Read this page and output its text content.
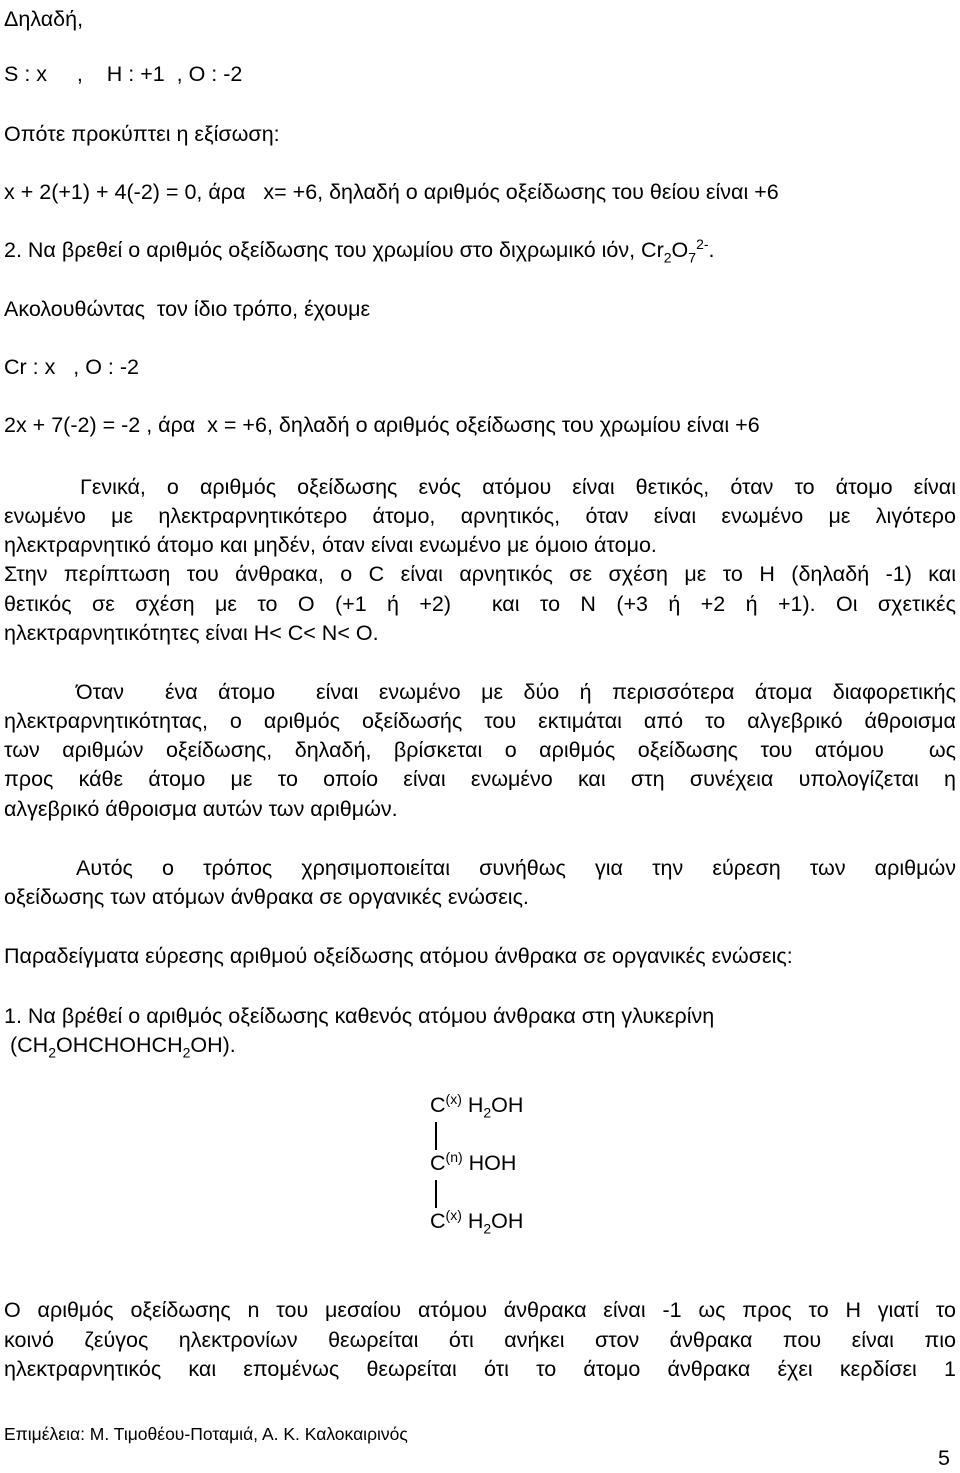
Δηλαδή,
S : x     ,    H : +1  , O : -2
Οπότε προκύπτει η εξίσωση:
x + 2(+1) + 4(-2) = 0, άρα   x= +6, δηλαδή ο αριθμός οξείδωσης του θείου είναι +6
2. Να βρεθεί ο αριθμός οξείδωσης του χρωμίου στο διχρωμικό ιόν, $Cr_2O_7^{2-}$.
Ακολουθώντας  τον ίδιο τρόπο, έχουμε
Cr : x   , O : -2
2x + 7(-2) = -2 , άρα  x = +6, δηλαδή ο αριθμός οξείδωσης του χρωμίου είναι +6
Γενικά, ο αριθμός οξείδωσης ενός ατόμου είναι θετικός, όταν το άτομο είναι
ενωμένο με ηλεκτραρνητικότερο άτομο, αρνητικός, όταν είναι ενωμένο με λιγότερο
ηλεκτραρνητικό άτομο και μηδέν, όταν είναι ενωμένο με όμοιο άτομο.
Στην περίπτωση του άνθρακα, ο C είναι αρνητικός σε σχέση με το H (δηλαδή -1) και
θετικός σε σχέση με το O (+1 ή +2)  και το N (+3 ή +2 ή +1). Οι σχετικές
ηλεκτραρνητικότητες είναι H< C< N< O.
Όταν  ένα άτομο  είναι ενωμένο με δύο ή περισσότερα άτομα διαφορετικής
ηλεκτραρνητικότητας, ο αριθμός οξείδωσής του εκτιμάται από το αλγεβρικό άθροισμα
των αριθμών οξείδωσης, δηλαδή, βρίσκεται ο αριθμός οξείδωσης του ατόμου  ως
προς κάθε άτομο με το οποίο είναι ενωμένο και στη συνέχεια υπολογίζεται η
αλγεβρικό άθροισμα αυτών των αριθμών.
Αυτός ο τρόπος χρησιμοποιείται συνήθως για την εύρεση των αριθμών
οξείδωσης των ατόμων άνθρακα σε οργανικές ενώσεις.
Παραδείγματα εύρεσης αριθμού οξείδωσης ατόμου άνθρακα σε οργανικές ενώσεις:
1. Να βρέθεί ο αριθμός οξείδωσης καθενός ατόμου άνθρακα στη γλυκερίνη
$(CH_2OHCHOHCH_2OH)$.
$C^{(x)}$ $H_2OH$
$C^{(n)}$ HOH
$C^{(x)}$ $H_2OH$
Ο αριθμός οξείδωσης n του μεσαίου ατόμου άνθρακα είναι -1 ως προς το H γιατί το
κοινό ζεύγος ηλεκτρονίων θεωρείται ότι ανήκει στον άνθρακα που είναι πιο
ηλεκτραρνητικός και επομένως θεωρείται ότι το άτομο άνθρακα έχει κερδίσει 1
Επιμέλεια: Μ. Τιμοθέου-Ποταμιά, Α. Κ. Καλοκαιρινός
5
